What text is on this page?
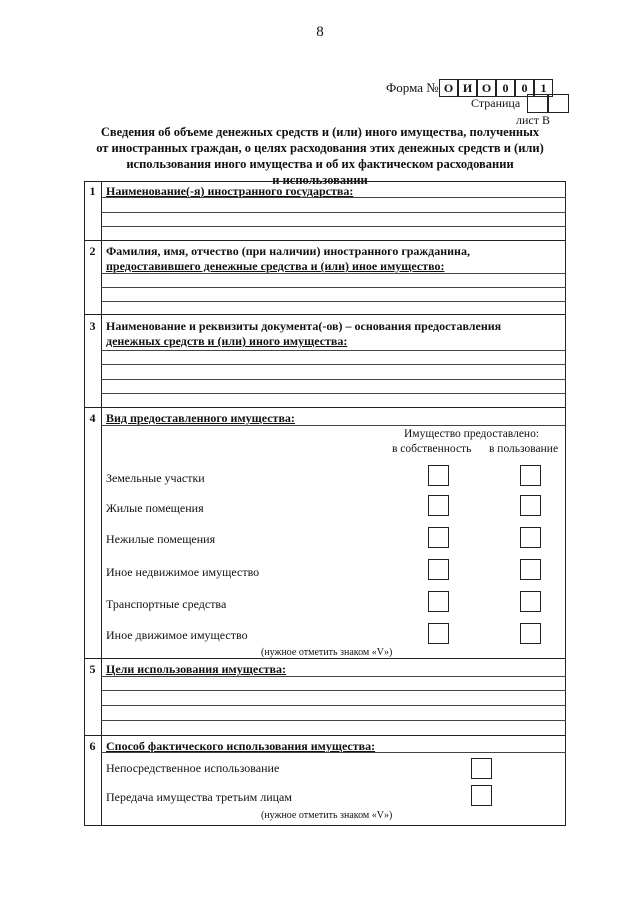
8
Форма № О И О 0	0	1
Страница
лист В
Сведения об объеме денежных средств и (или) иного имущества, полученных
от иностранных граждан, о целях расходования этих денежных средств и (или)
использования иного имущества и об их фактическом расходовании
и использовании
1 Наименование(-я) иностранного государства:
2 Фамилия, имя, отчество (при наличии) иностранного гражданина,
предоставившего денежные средства и (или) иное имущество:
3 Наименование и реквизиты документа(-ов) – основания предоставления
денежных средств и (или) иного имущества:
4 Вид предоставленного имущества:
Имущество предоставлено:
в собственность в пользование
Земельные участки
Жилые помещения
Нежилые помещения
Иное недвижимое имущество
Транспортные средства
Иное движимое имущество
(нужное отметить знаком «V»)
5 Цели использования имущества:
6 Способ фактического использования имущества:
Непосредственное использование
Передача имущества третьим лицам
(нужное отметить знаком «V»)
